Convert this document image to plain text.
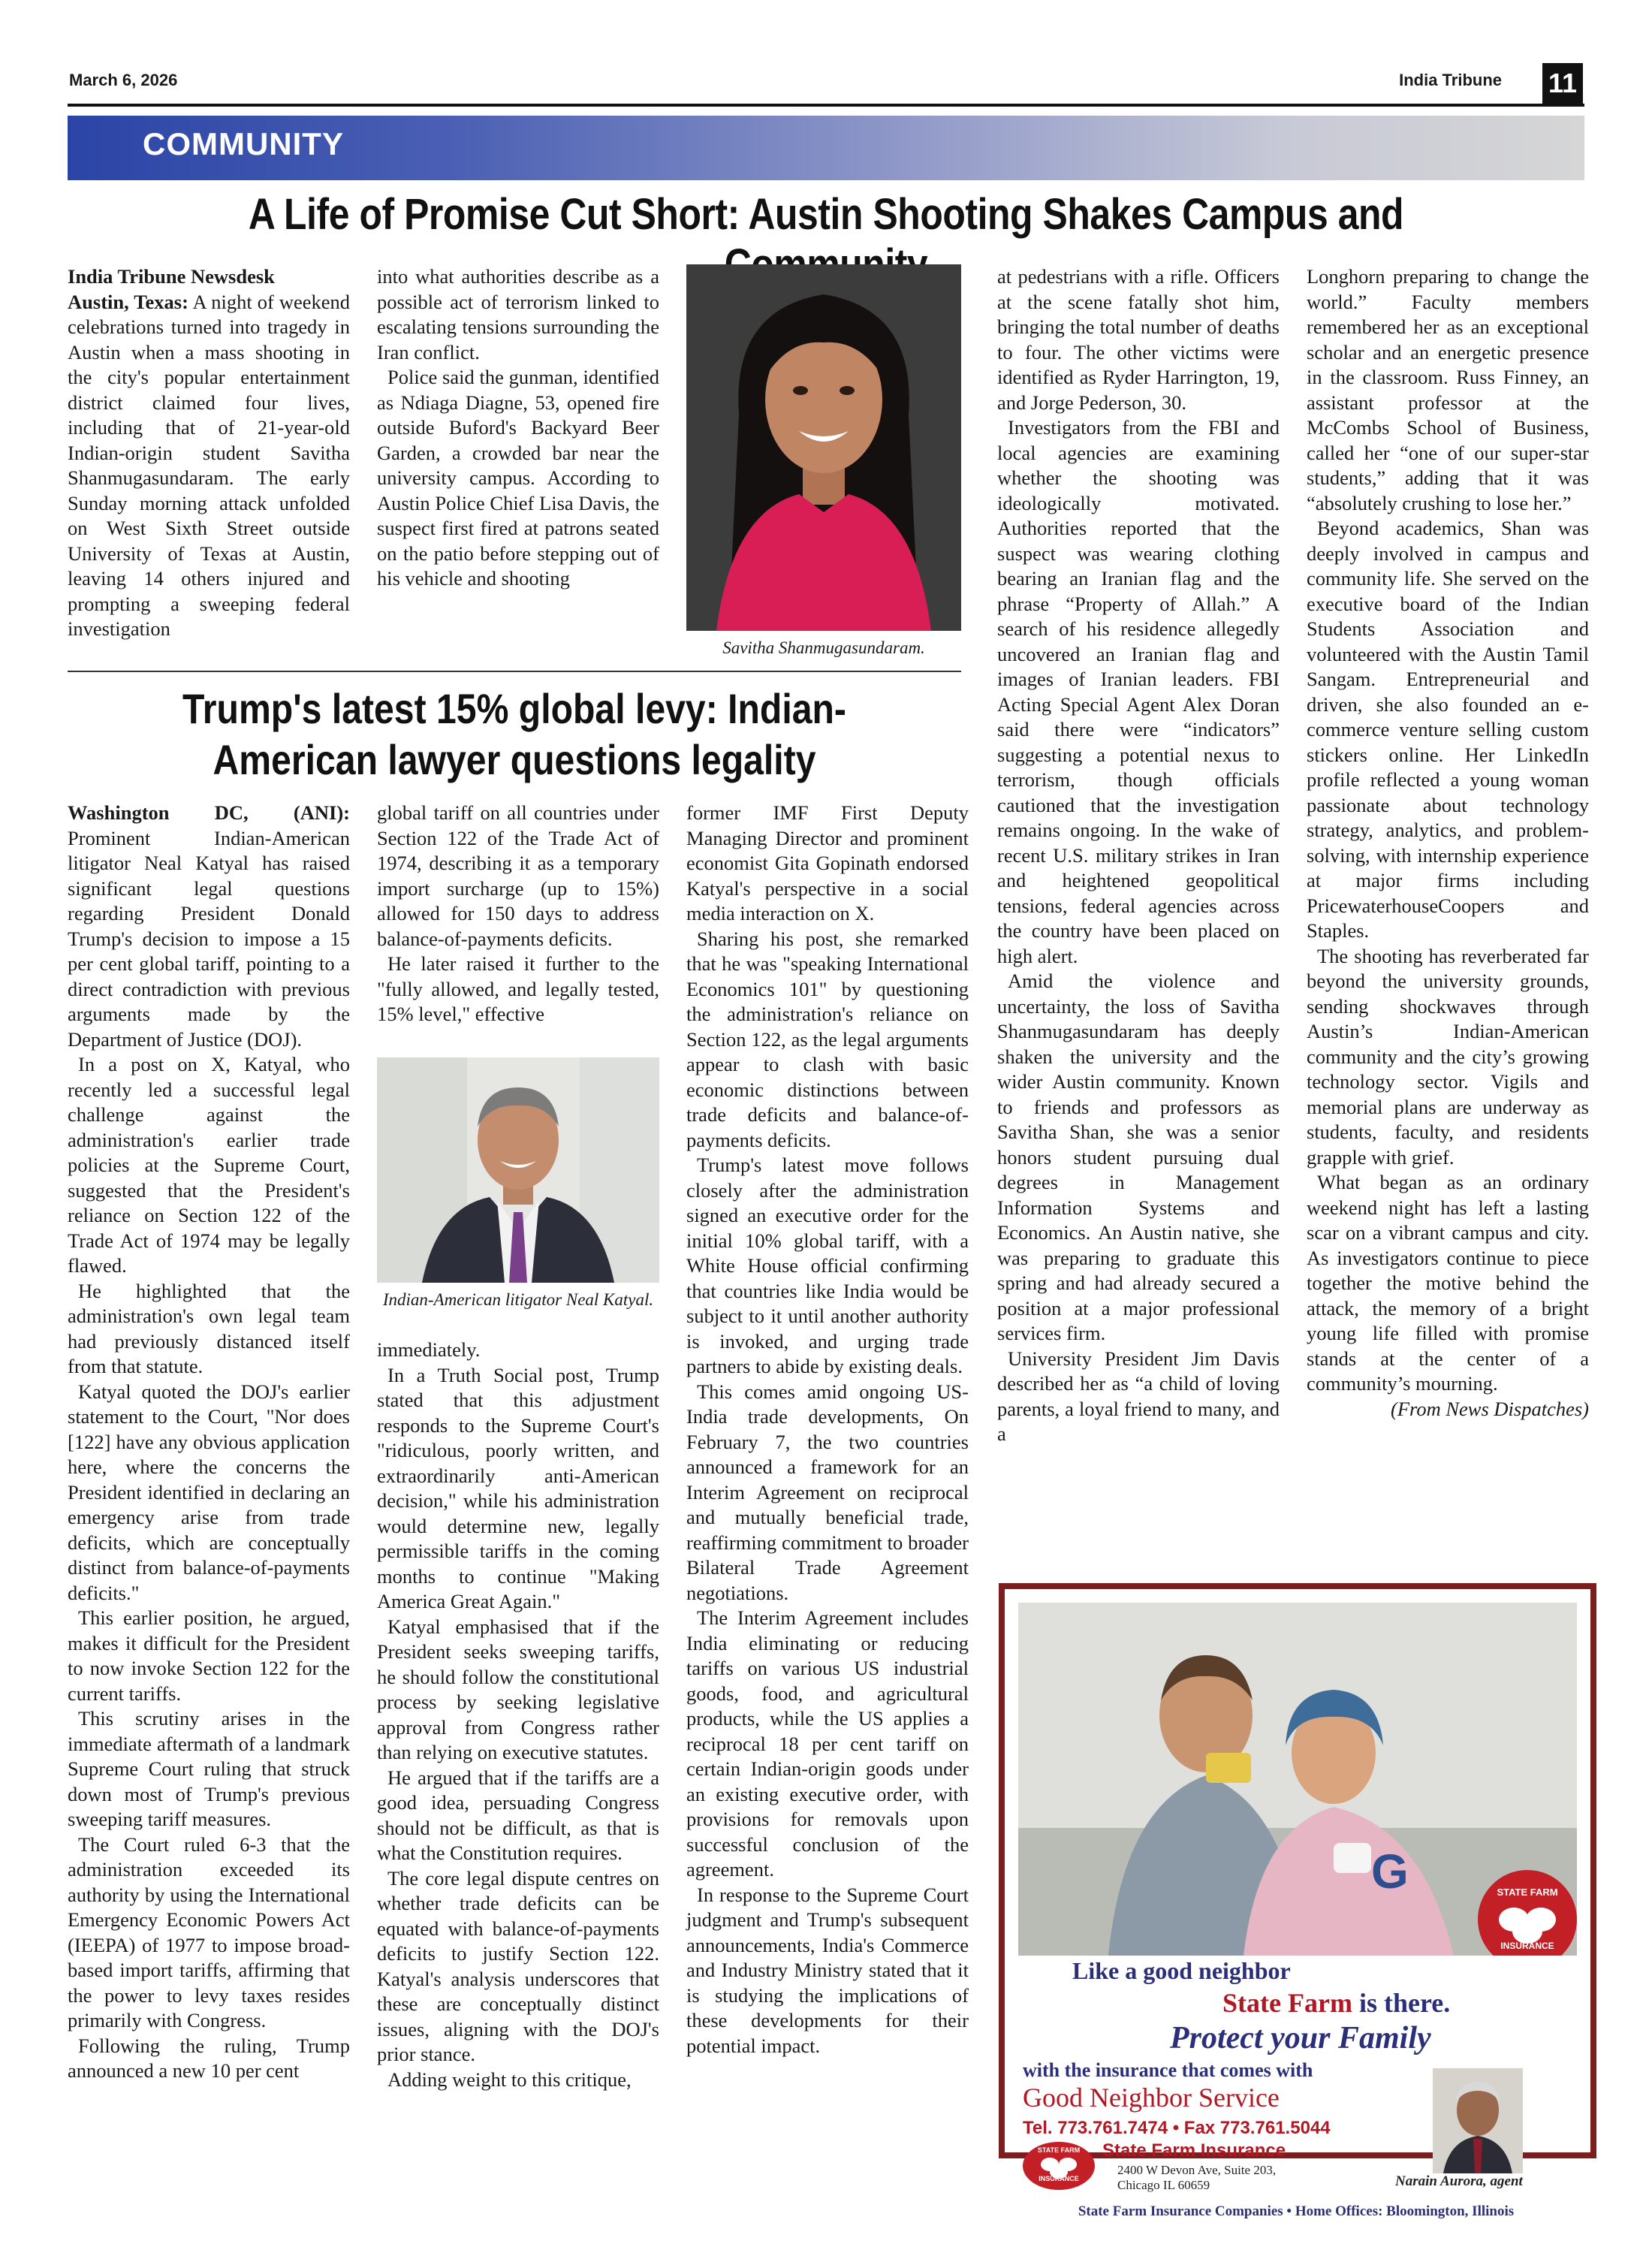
March 6, 2026	India Tribune 11
COMMUNITY
A Life of Promise Cut Short: Austin Shooting Shakes Campus and

India Tribune Newsdesk

Austin, Texas: A night of weekend celebrations turned into tragedy in Austin when a mass shooting in the city's popular entertainment district claimed four lives, including that of 21-year-old Indian-origin student Savitha Shanmugasundaram. The early Sunday morning attack unfolded on West Sixth Street outside University of Texas at Austin, leaving 14 others injured and prompting a sweeping federal investigation

into what authorities describe as a possible act of terrorism linked to escalating tensions surrounding the Iran conflict.

Police said the gunman, identified as Ndiaga Diagne, 53, opened fire outside Buford's Backyard Beer Garden, a crowded bar near the university campus. According to Austin Police Chief Lisa Davis, the suspect first fired at patrons seated on the patio before stepping out of his vehicle and shooting

Savitha Shanmugasundaram.

at pedestrians with a rifle. Officers at the scene fatally shot him, bringing the total number of deaths to four. The other victims were identified as Ryder Harrington, 19, and Jorge Pederson, 30.

Investigators from the FBI and local agencies are examining whether the shooting was ideologically motivated. Authorities reported that the suspect was wearing clothing bearing an Iranian flag and the phrase “Property of Allah.” A search of his residence allegedly uncovered an Iranian flag and images of Iranian leaders. FBI Acting Special Agent Alex Doran said there were “indicators” suggesting a potential nexus to terrorism, though officials cautioned that the investigation remains ongoing. In the wake of recent U.S. military strikes in Iran and heightened geopolitical tensions, federal agencies across the country have been placed on high alert.

Amid the violence and uncertainty, the loss of Savitha Shanmugasundaram has deeply shaken the university and the wider Austin community. Known to friends and professors as Savitha Shan, she was a senior honors student pursuing dual degrees in Management Information Systems and Economics. An Austin native, she was preparing to graduate this spring and had already secured a position at a major professional services firm.

University President Jim Davis described her as “a child of loving parents, a loyal friend to many, and a

Longhorn preparing to change the world.” Faculty members remembered her as an exceptional scholar and an energetic presence in the classroom. Russ Finney, an assistant professor at the McCombs School of Business, called her “one of our super-star students,” adding that it was “absolutely crushing to lose her.”

Beyond academics, Shan was deeply involved in campus and community life. She served on the executive board of the Indian Students Association and volunteered with the Austin Tamil Sangam. Entrepreneurial and driven, she also founded an e-commerce venture selling custom stickers online. Her LinkedIn profile reflected a young woman passionate about technology strategy, analytics, and problem-solving, with internship experience at major firms including PricewaterhouseCoopers and Staples.

The shooting has reverberated far beyond the university grounds, sending shockwaves through Austin’s Indian-American community and the city’s growing technology sector. Vigils and memorial plans are underway as students, faculty, and residents grapple with grief.

What began as an ordinary weekend night has left a lasting scar on a vibrant campus and city. As investigators continue to piece together the motive behind the attack, the memory of a bright young life filled with promise stands at the center of a community’s mourning.

(From News Dispatches)

Trump's latest 15% global levy: Indian-American lawyer questions legality

Washington DC, (ANI): Prominent Indian-American litigator Neal Katyal has raised significant legal questions regarding President Donald Trump's decision to impose a 15 per cent global tariff, pointing to a direct contradiction with previous arguments made by the Department of Justice (DOJ).

In a post on X, Katyal, who recently led a successful legal challenge against the administration's earlier trade policies at the Supreme Court, suggested that the President's reliance on Section 122 of the Trade Act of 1974 may be legally flawed.

He highlighted that the administration's own legal team had previously distanced itself from that statute.

Katyal quoted the DOJ's earlier statement to the Court, "Nor does [122] have any obvious application here, where the concerns the President identified in declaring an emergency arise from trade deficits, which are conceptually distinct from balance-of-payments deficits."

This earlier position, he argued, makes it difficult for the President to now invoke Section 122 for the current tariffs.

This scrutiny arises in the immediate aftermath of a landmark Supreme Court ruling that struck down most of Trump's previous sweeping tariff measures.

The Court ruled 6-3 that the administration exceeded its authority by using the International Emergency Economic Powers Act (IEEPA) of 1977 to impose broad-based import tariffs, affirming that the power to levy taxes resides primarily with Congress.

Following the ruling, Trump announced a new 10 per cent

global tariff on all countries under Section 122 of the Trade Act of 1974, describing it as a temporary import surcharge (up to 15%) allowed for 150 days to address balance-of-payments deficits.

He later raised it further to the "fully allowed, and legally tested, 15% level," effective

Indian-American litigator Neal Katyal.

immediately.

In a Truth Social post, Trump stated that this adjustment responds to the Supreme Court's "ridiculous, poorly written, and extraordinarily anti-American decision," while his administration would determine new, legally permissible tariffs in the coming months to continue "Making America Great Again."

Katyal emphasised that if the President seeks sweeping tariffs, he should follow the constitutional process by seeking legislative approval from Congress rather than relying on executive statutes.

He argued that if the tariffs are a good idea, persuading Congress should not be difficult, as that is what the Constitution requires.

The core legal dispute centres on whether trade deficits can be equated with balance-of-payments deficits to justify Section 122. Katyal's analysis underscores that these are conceptually distinct issues, aligning with the DOJ's prior stance.

Adding weight to this critique,

former IMF First Deputy Managing Director and prominent economist Gita Gopinath endorsed Katyal's perspective in a social media interaction on X.

Sharing his post, she remarked that he was "speaking International Economics 101" by questioning the administration's reliance on Section 122, as the legal arguments appear to clash with basic economic distinctions between trade deficits and balance-of-payments deficits.

Trump's latest move follows closely after the administration signed an executive order for the initial 10% global tariff, with a White House official confirming that countries like India would be subject to it until another authority is invoked, and urging trade partners to abide by existing deals.

This comes amid ongoing US-India trade developments, On February 7, the two countries announced a framework for an Interim Agreement on reciprocal and mutually beneficial trade, reaffirming commitment to broader Bilateral Trade Agreement negotiations.

The Interim Agreement includes India eliminating or reducing tariffs on various US industrial goods, food, and agricultural products, while the US applies a reciprocal 18 per cent tariff on certain Indian-origin goods under an existing executive order, with provisions for removals upon successful conclusion of the agreement.

In response to the Supreme Court judgment and Trump's subsequent announcements, India's Commerce and Industry Ministry stated that it is studying the implications of these developments for their potential impact.

G	STATE FARM
INSURANCE
Like a good neighbor
State Farm is there.
Protect your Family
with the insurance that comes with
Good Neighbor Service
Tel. 773.761.7474 • Fax 773.761.5044
STATE FARM
INSURANCE
State Farm Insurance
2400 W Devon Ave, Suite 203,
Chicago IL 60659	Narain Aurora, agent
State Farm Insurance Companies • Home Offices: Bloomington, Illinois
